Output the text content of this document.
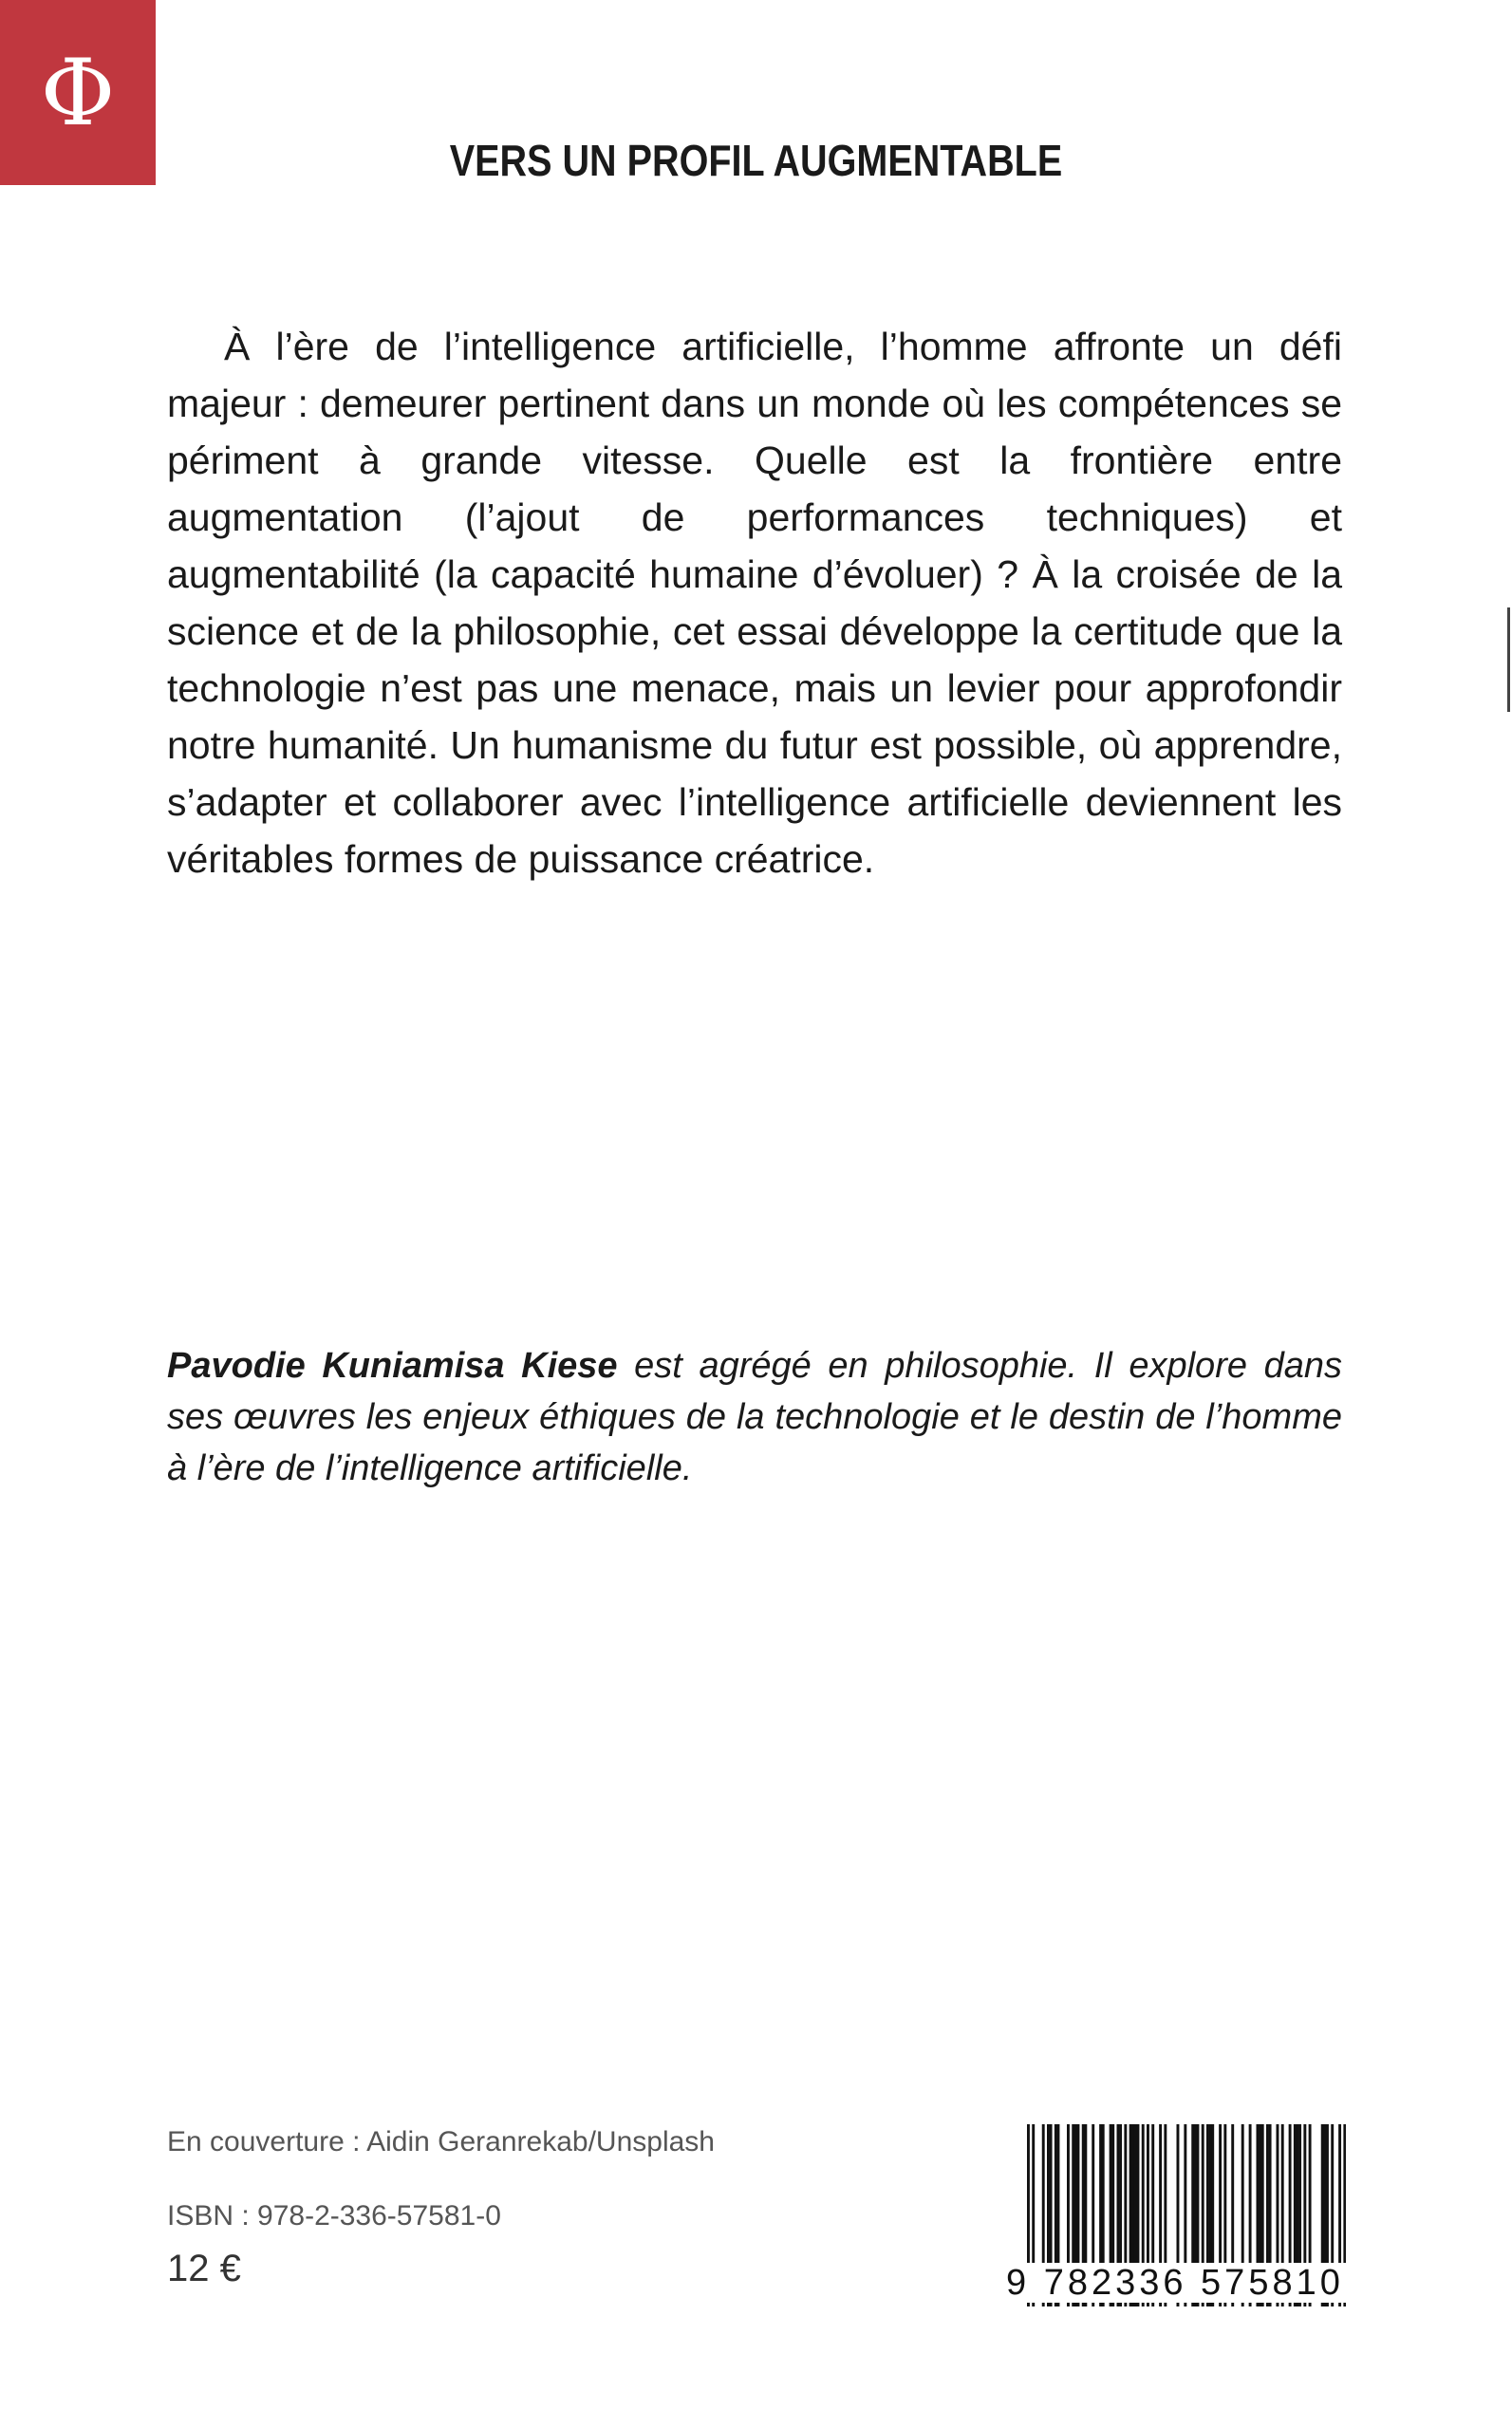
Φ
VERS UN PROFIL AUGMENTABLE

À l’ère de l’intelligence artificielle, l’homme affronte un défi majeur : demeurer pertinent dans un monde où les compétences se périment à grande vitesse. Quelle est la frontière entre augmentation (l’ajout de performances techniques) et augmentabilité (la capacité humaine d’évoluer) ? À la croisée de la science et de la philosophie, cet essai développe la certitude que la technologie n’est pas une menace, mais un levier pour approfondir notre humanité. Un humanisme du futur est possible, où apprendre, s’adapter et collaborer avec l’intelligence artificielle deviennent les véritables formes de puissance créatrice.

Pavodie Kuniamisa Kiese est agrégé en philosophie. Il explore dans ses œuvres les enjeux éthiques de la technologie et le destin de l’homme à l’ère de l’intelligence artificielle.

En couverture : Aidin Geranrekab/Unsplash
ISBN : 978-2-336-57581-0
12 €	9 782336 575810
